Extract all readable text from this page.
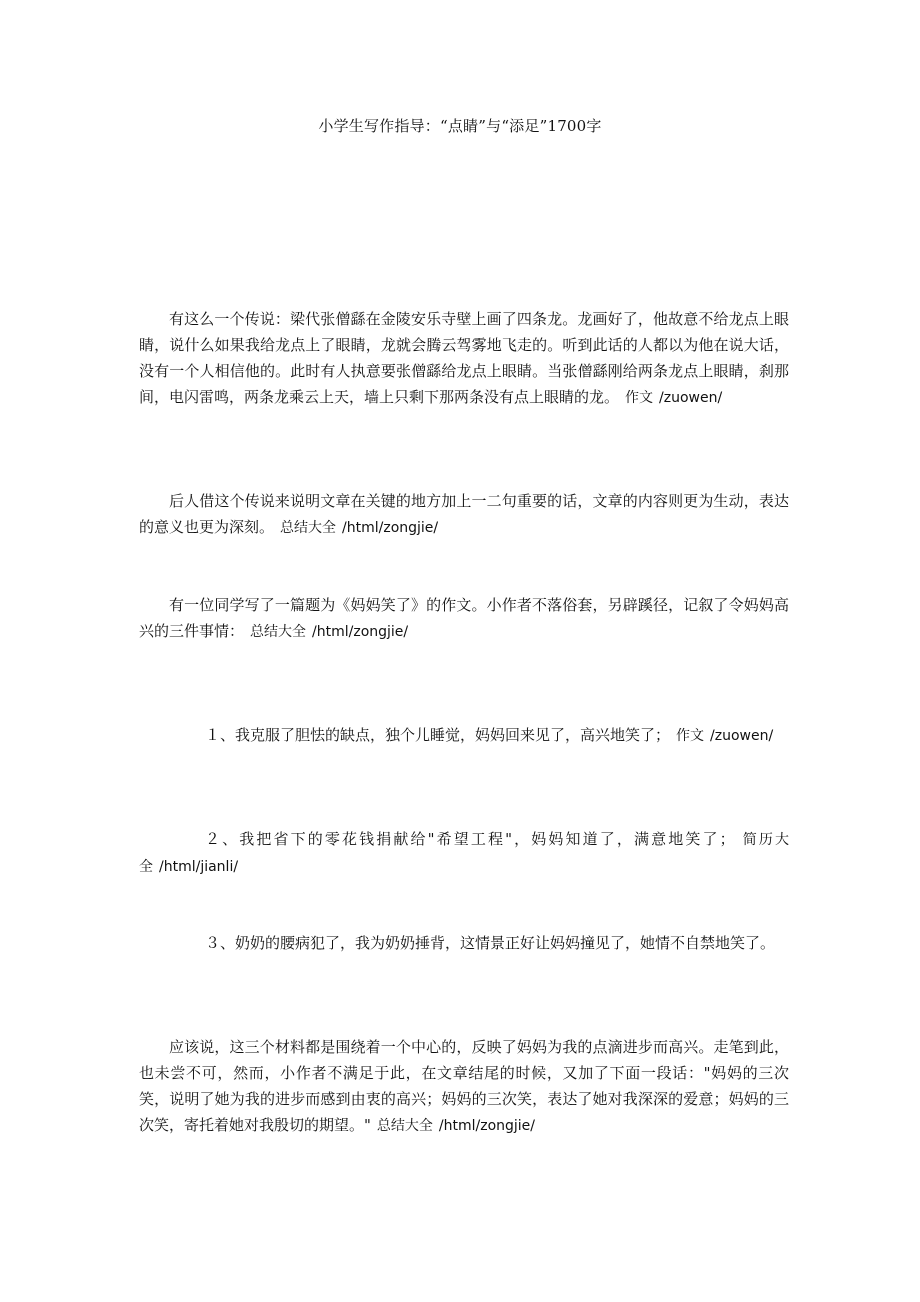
小学生写作指导：“点睛”与“添足”1700字

有这么一个传说：梁代张僧繇在金陵安乐寺壁上画了四条龙。龙画好了，他故意不给龙点上眼睛，说什么如果我给龙点上了眼睛，龙就会腾云驾雾地飞走的。听到此话的人都以为他在说大话，没有一个人相信他的。此时有人执意要张僧繇给龙点上眼睛。当张僧繇刚给两条龙点上眼睛，刹那间，电闪雷鸣，两条龙乘云上天，墙上只剩下那两条没有点上眼睛的龙。 作文 /zuowen/

后人借这个传说来说明文章在关键的地方加上一二句重要的话，文章的内容则更为生动，表达的意义也更为深刻。 总结大全 /html/zongjie/

有一位同学写了一篇题为《妈妈笑了》的作文。小作者不落俗套，另辟蹊径，记叙了令妈妈高兴的三件事情： 总结大全 /html/zongjie/

１、我克服了胆怯的缺点，独个儿睡觉，妈妈回来见了，高兴地笑了； 作文 /zuowen/

２、我把省下的零花钱捐献给"希望工程"，妈妈知道了，满意地笑了； 简历大全 /html/jianli/

３、奶奶的腰病犯了，我为奶奶捶背，这情景正好让妈妈撞见了，她情不自禁地笑了。

应该说，这三个材料都是围绕着一个中心的，反映了妈妈为我的点滴进步而高兴。走笔到此，也未尝不可，然而，小作者不满足于此，在文章结尾的时候，又加了下面一段话："妈妈的三次笑，说明了她为我的进步而感到由衷的高兴；妈妈的三次笑，表达了她对我深深的爱意；妈妈的三次笑，寄托着她对我殷切的期望。" 总结大全 /html/zongjie/
